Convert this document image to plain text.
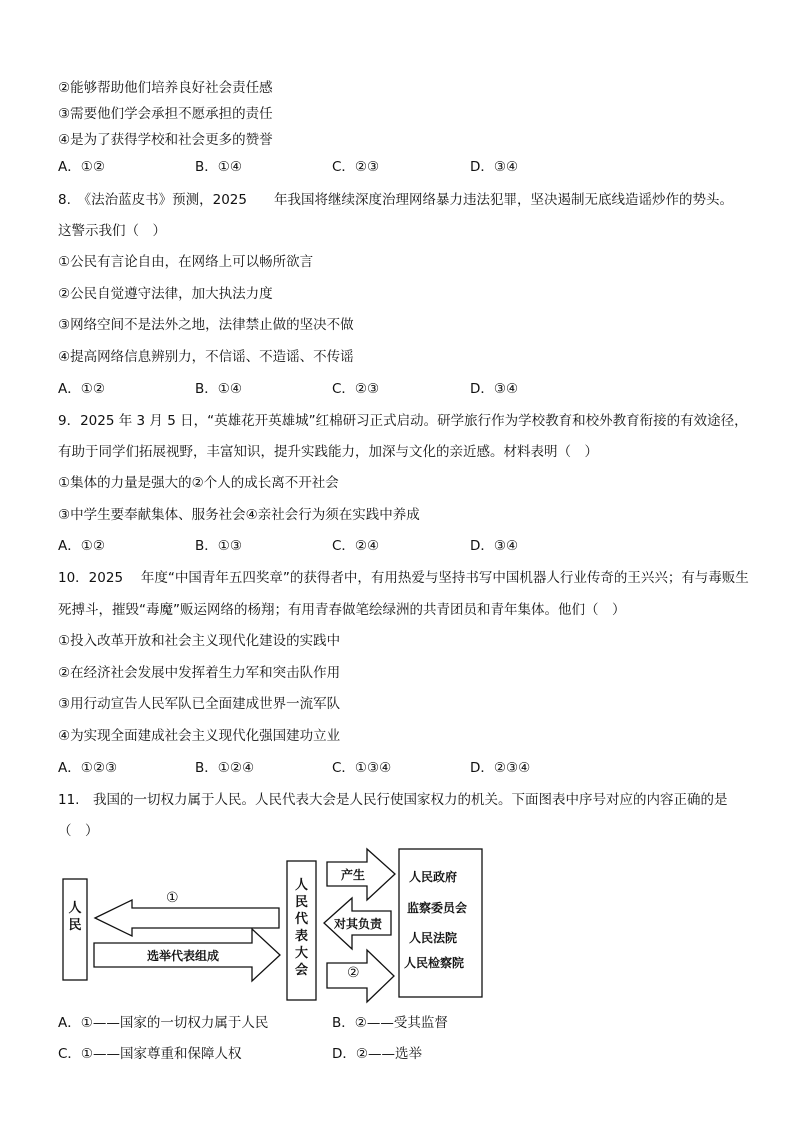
②能够帮助他们培养良好社会责任感
③需要他们学会承担不愿承担的责任
④是为了获得学校和社会更多的赞誉
A．①②	B．①④	C．②③	D．③④
8.　《法治蓝皮书》预测，2025　　年我国将继续深度治理网络暴力违法犯罪，坚决遏制无底线造谣炒作的势头。
这警示我们（　）
①公民有言论自由，在网络上可以畅所欲言
②公民自觉遵守法律，加大执法力度
③网络空间不是法外之地，法律禁止做的坚决不做
④提高网络信息辨别力，不信谣、不造谣、不传谣
A．①②	B．①④	C．②③	D．③④
9．2025 年 3 月 5 日，“英雄花开英雄城”红棉研习正式启动。研学旅行作为学校教育和校外教育衔接的有效途径，
有助于同学们拓展视野，丰富知识，提升实践能力，加深与文化的亲近感。材料表明（　）
①集体的力量是强大的②个人的成长离不开社会
③中学生要奉献集体、服务社会④亲社会行为须在实践中养成
A．①②	B．①③	C．②④	D．③④
10．2025　 年度“中国青年五四奖章”的获得者中，有用热爱与坚持书写中国机器人行业传奇的王兴兴；有与毒贩生
死搏斗，摧毁“毒魔”贩运网络的杨翔；有用青春做笔绘绿洲的共青团员和青年集体。他们（　）
①投入改革开放和社会主义现代化建设的实践中
②在经济社会发展中发挥着生力军和突击队作用
③用行动宣告人民军队已全面建成世界一流军队
④为实现全面建成社会主义现代化强国建功立业
A．①②③	B．①②④	C．①③④	D．②③④
11.　我国的一切权力属于人民。人民代表大会是人民行使国家权力的机关。下面图表中序号对应的内容正确的是
（　）
人民
人民代表大会
①
选举代表组成
产生
对其负责
②
人民政府
监察委员会
人民法院
人民检察院
A．①——国家的一切权力属于人民	B．②——受其监督
C．①——国家尊重和保障人权	D．②——选举
